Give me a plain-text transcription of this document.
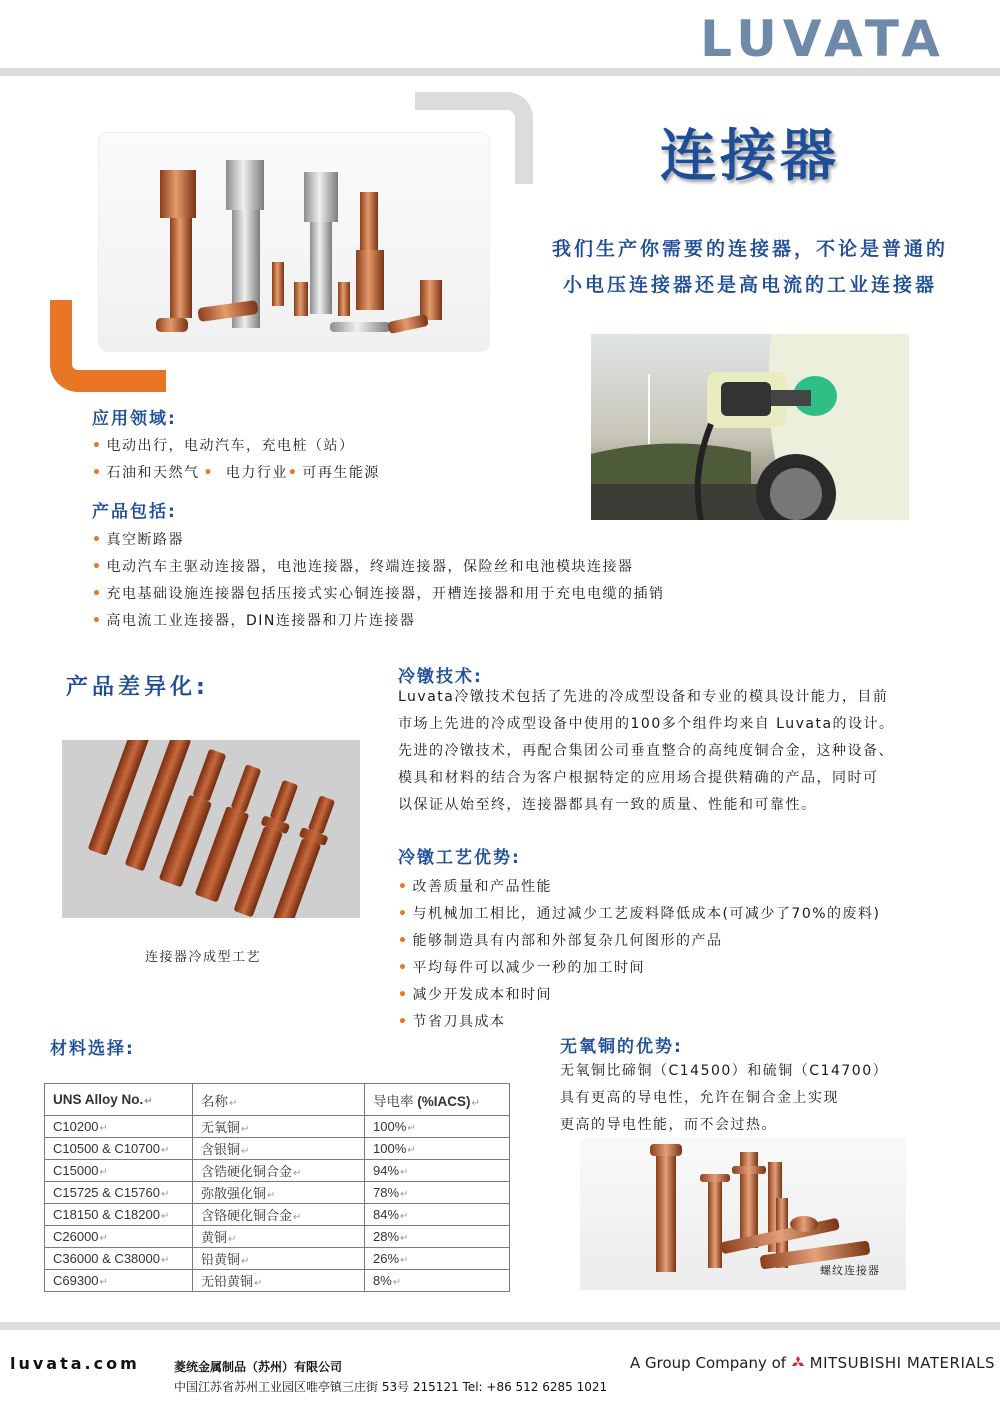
LUVATA
连接器
我们生产你需要的连接器，不论是普通的
小电压连接器还是高电流的工业连接器
应用领域:
• 电动出行，电动汽车，充电桩（站）
• 石油和天然气 • 电力行业• 可再生能源
产品包括:
• 真空断路器
• 电动汽车主驱动连接器，电池连接器，终端连接器，保险丝和电池模块连接器
• 充电基础设施连接器包括压接式实心铜连接器，开槽连接器和用于充电电缆的插销
• 高电流工业连接器，DIN连接器和刀片连接器
产品差异化:
连接器冷成型工艺
冷镦技术:
Luvata冷镦技术包括了先进的冷成型设备和专业的模具设计能力，目前
市场上先进的冷成型设备中使用的100多个组件均来自 Luvata的设计。
先进的冷镦技术，再配合集团公司垂直整合的高纯度铜合金，这种设备、
模具和材料的结合为客户根据特定的应用场合提供精确的产品，同时可
以保证从始至终，连接器都具有一致的质量、性能和可靠性。
冷镦工艺优势:
• 改善质量和产品性能
• 与机械加工相比，通过减少工艺废料降低成本(可减少了70%的废料)
• 能够制造具有内部和外部复杂几何图形的产品
• 平均每件可以减少一秒的加工时间
• 减少开发成本和时间
• 节省刀具成本
材料选择:
UNS Alloy No.↵	名称↵	导电率 (%IACS)↵
C10200↵	无氧铜↵	100%↵
C10500 & C10700↵	含银铜↵	100%↵
C15000↵	含锆硬化铜合金↵	94%↵
C15725 & C15760↵	弥散强化铜↵	78%↵
C18150 & C18200↵	含铬硬化铜合金↵	84%↵
C26000↵	黄铜↵	28%↵
C36000 & C38000↵	铅黄铜↵	26%↵
C69300↵	无铅黄铜↵	8%↵
无氧铜的优势:
无氧铜比碲铜（C14500）和硫铜（C14700）
具有更高的导电性，允许在铜合金上实现
更高的导电性能，而不会过热。
螺纹连接器
luvata.com	菱统金属制品（苏州）有限公司
中国江苏省苏州工业园区唯亭镇三庄街 53号 215121 Tel: +86 512 6285 1021
A Group Company of MITSUBISHI MATERIALS
